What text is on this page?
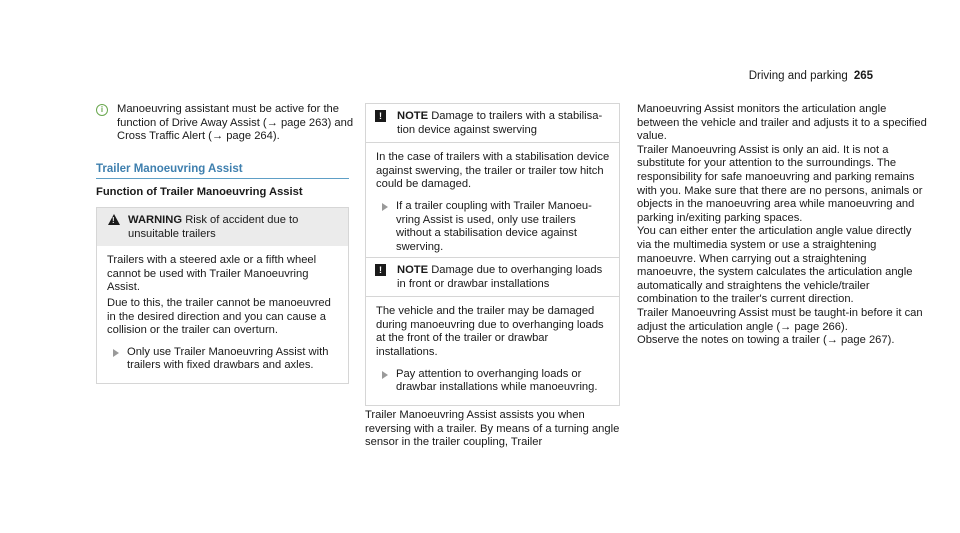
Driving and parking 265
i	Manoeuvring assistant must be active for the function of Drive Away Assist (→ page 263) and Cross Traffic Alert (→ page 264).
Trailer Manoeuvring Assist
Function of Trailer Manoeuvring Assist
! WARNING Risk of accident due to unsuitable trailers

Trailers with a steered axle or a fifth wheel cannot be used with Trailer Manoeuvring Assist.

Due to this, the trailer cannot be manoeuvred in the desired direction and you can cause a collision or the trailer can overturn.

Only use Trailer Manoeuvring Assist with trailers with fixed drawbars and axles.
!	NOTE Damage to trailers with a stabilisation device against swerving

In the case of trailers with a stabilisation device against swerving, the trailer or trailer tow hitch could be damaged.

If a trailer coupling with Trailer Manoeuvring Assist is used, only use trailers without a stabilisation device against swerving.
!	NOTE Damage due to overhanging loads in front or drawbar installations

The vehicle and the trailer may be damaged during manoeuvring due to overhanging loads at the front of the trailer or drawbar installations.

Pay attention to overhanging loads or drawbar installations while manoeuvring.
Trailer Manoeuvring Assist assists you when reversing with a trailer. By means of a turning angle sensor in the trailer coupling, Trailer

Manoeuvring Assist monitors the articulation angle between the vehicle and trailer and adjusts it to a specified value.

Trailer Manoeuvring Assist is only an aid. It is not a substitute for your attention to the surroundings. The responsibility for safe manoeuvring and parking remains with you. Make sure that there are no persons, animals or objects in the manoeuvring area while manoeuvring and parking in/exiting parking spaces.

You can either enter the articulation angle value directly via the multimedia system or use a straightening manoeuvre. When carrying out a straightening manoeuvre, the system calculates the articulation angle automatically and straightens the vehicle/trailer combination to the trailer's current direction.

Trailer Manoeuvring Assist must be taught-in before it can adjust the articulation angle (→ page 266).

Observe the notes on towing a trailer (→ page 267).
